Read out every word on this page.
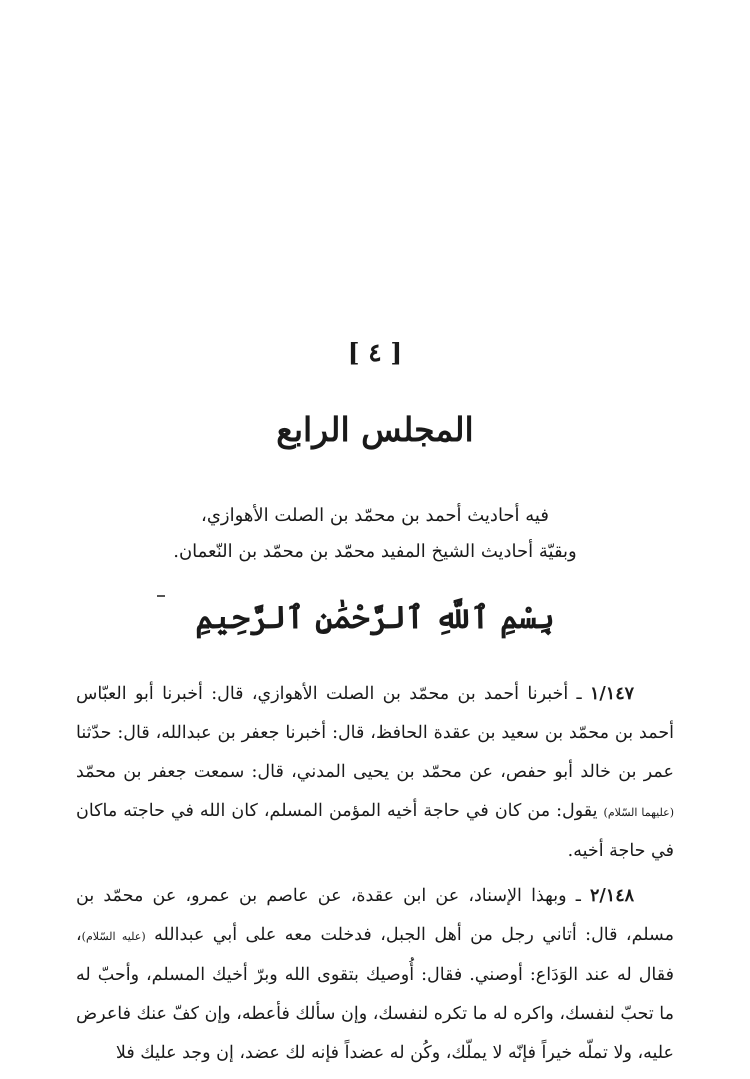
[ ٤ ]
المجلس الرابع
فيه أحاديث أحمد بن محمّد بن الصلت الأهوازي،
وبقيّة أحاديث الشيخ المفيد محمّد بن محمّد بن النّعمان.
بِسْمِ ٱللَّهِ ٱلرَّحْمَٰنِ ٱلرَّحِيمِ

١/١٤٧ ـ أخبرنا أحمد بن محمّد بن الصلت الأهوازي، قال: أخبرنا أبو العبّاس أحمد بن محمّد بن سعيد بن عقدة الحافظ، قال: أخبرنا جعفر بن عبدالله، قال: حدّثنا عمر بن خالد أبو حفص، عن محمّد بن يحيى المدني، قال: سمعت جعفر بن محمّد (عليهما السّلام) يقول: من كان في حاجة أخيه المؤمن المسلم، كان الله في حاجته ماكان في حاجة أخيه.

٢/١٤٨ ـ وبهذا الإسناد، عن ابن عقدة، عن عاصم بن عمرو، عن محمّد بن مسلم، قال: أتاني رجل من أهل الجبل، فدخلت معه على أبي عبدالله (عليه السّلام)، فقال له عند الوَدَاع: أوصني. فقال: أُوصيك بتقوى الله وبرّ أخيك المسلم، وأحبّ له ما تحبّ لنفسك، واكره له ما تكره لنفسك، وإن سألك فأعطه، وإن كفّ عنك فاعرض عليه، ولا تملّه خيراً فإنّه لا يملّك، وكُن له عضداً فإنه لك عضد، إن وجد عليك فلا
